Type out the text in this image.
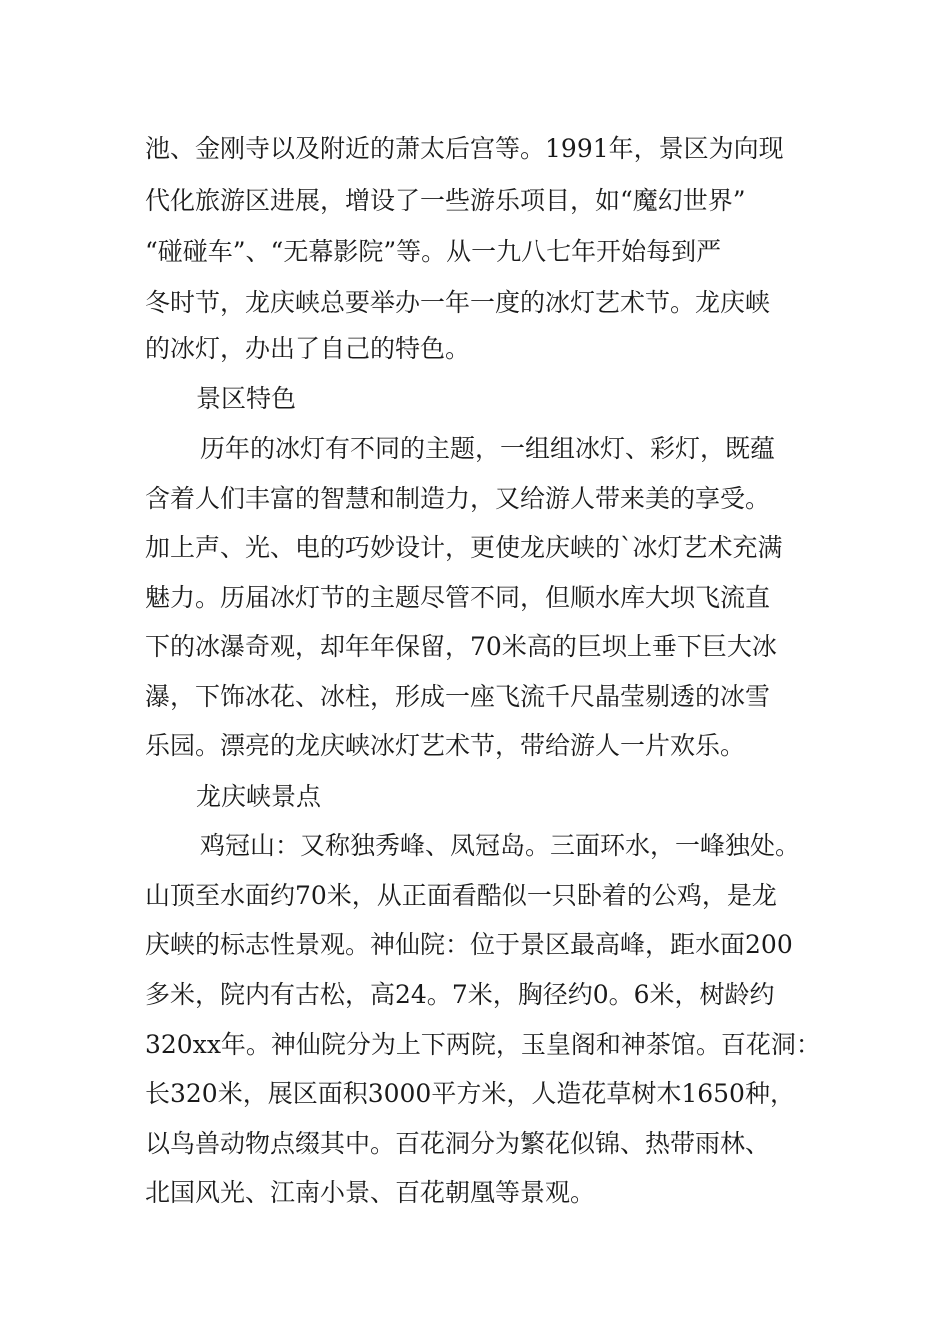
池、金刚寺以及附近的萧太后宫等。1991年，景区为向现
代化旅游区进展，增设了一些游乐项目，如“魔幻世界”
“碰碰车”、“无幕影院”等。从一九八七年开始每到严
冬时节，龙庆峡总要举办一年一度的冰灯艺术节。龙庆峡
的冰灯，办出了自己的特色。
景区特色
历年的冰灯有不同的主题，一组组冰灯、彩灯，既蕴
含着人们丰富的智慧和制造力，又给游人带来美的享受。
加上声、光、电的巧妙设计，更使龙庆峡的`冰灯艺术充满
魅力。历届冰灯节的主题尽管不同，但顺水库大坝飞流直
下的冰瀑奇观，却年年保留，70米高的巨坝上垂下巨大冰
瀑，下饰冰花、冰柱，形成一座飞流千尺晶莹剔透的冰雪
乐园。漂亮的龙庆峡冰灯艺术节，带给游人一片欢乐。
龙庆峡景点
鸡冠山：又称独秀峰、凤冠岛。三面环水，一峰独处。
山顶至水面约70米，从正面看酷似一只卧着的公鸡，是龙
庆峡的标志性景观。神仙院：位于景区最高峰，距水面200
多米，院内有古松，高24。7米，胸径约0。6米，树龄约
320xx年。神仙院分为上下两院，玉皇阁和神茶馆。百花洞：
长320米，展区面积3000平方米，人造花草树木1650种，
以鸟兽动物点缀其中。百花洞分为繁花似锦、热带雨林、
北国风光、江南小景、百花朝凰等景观。
